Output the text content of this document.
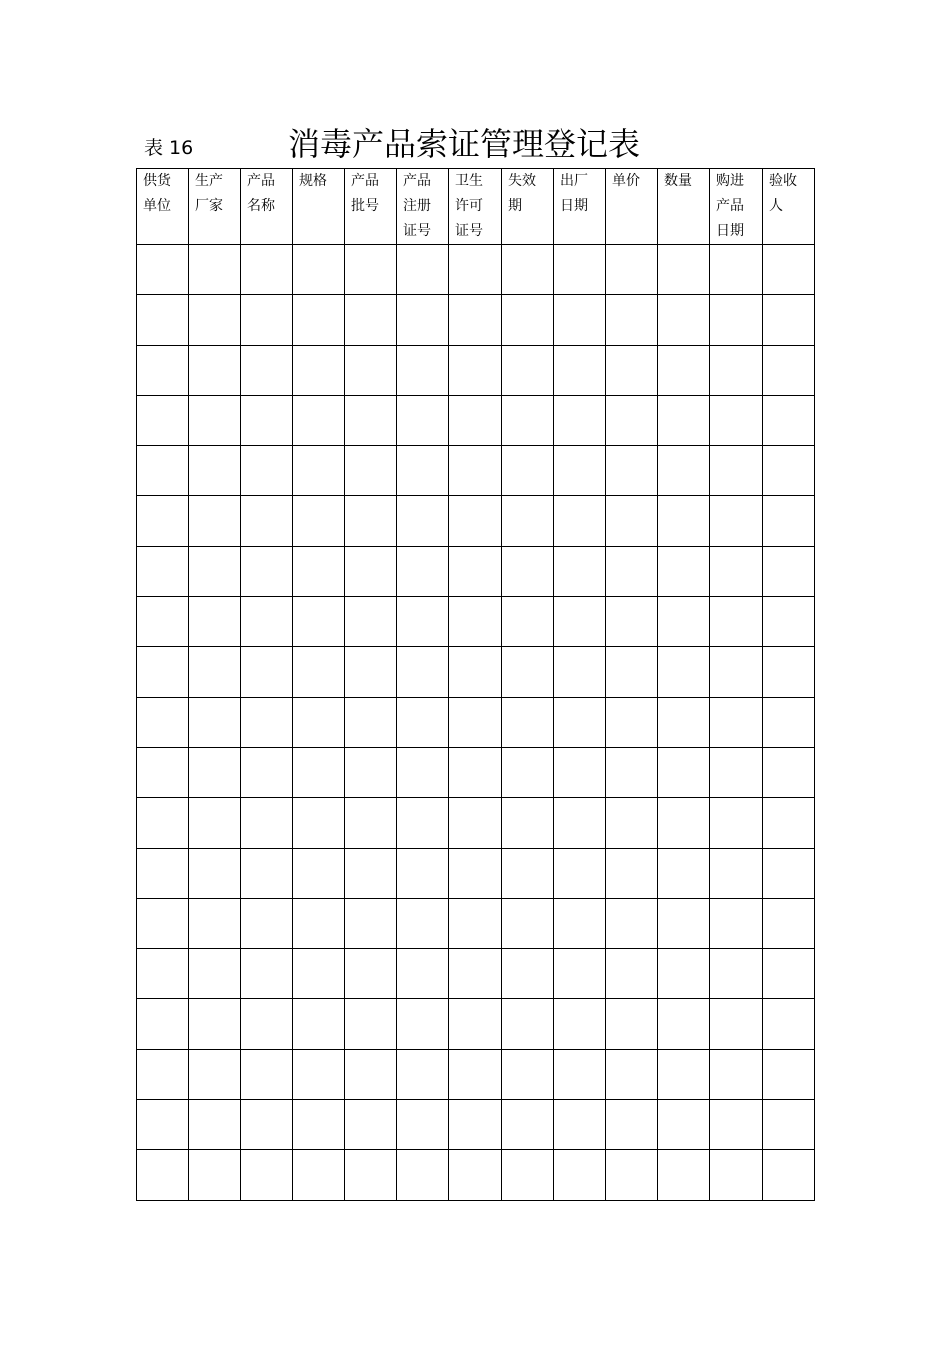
表 16	消毒产品索证管理登记表
供货单位	生产厂家	产品名称	规格	产品批号	产品注册证号	卫生许可证号	失效期	出厂日期	单价	数量	购进产品日期	验收人
